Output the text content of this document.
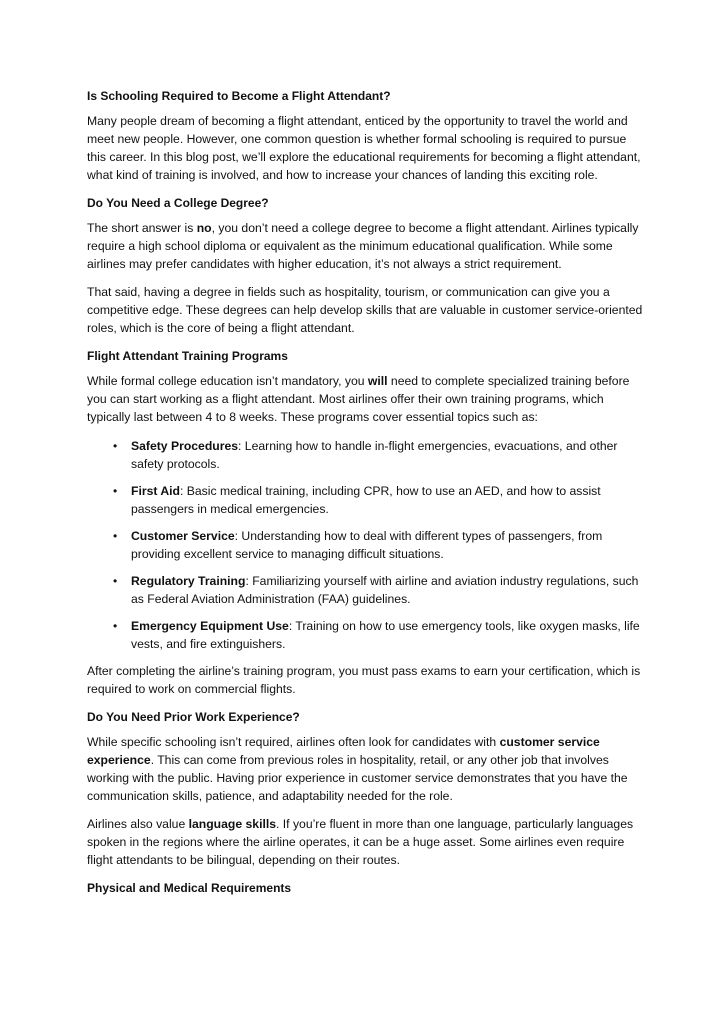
Is Schooling Required to Become a Flight Attendant?

Many people dream of becoming a flight attendant, enticed by the opportunity to travel the world and meet new people. However, one common question is whether formal schooling is required to pursue this career. In this blog post, we’ll explore the educational requirements for becoming a flight attendant, what kind of training is involved, and how to increase your chances of landing this exciting role.

Do You Need a College Degree?

The short answer is no, you don’t need a college degree to become a flight attendant. Airlines typically require a high school diploma or equivalent as the minimum educational qualification. While some airlines may prefer candidates with higher education, it’s not always a strict requirement.

That said, having a degree in fields such as hospitality, tourism, or communication can give you a competitive edge. These degrees can help develop skills that are valuable in customer service-oriented roles, which is the core of being a flight attendant.

Flight Attendant Training Programs

While formal college education isn’t mandatory, you will need to complete specialized training before you can start working as a flight attendant. Most airlines offer their own training programs, which typically last between 4 to 8 weeks. These programs cover essential topics such as:

• Safety Procedures: Learning how to handle in-flight emergencies, evacuations, and other safety protocols.
• First Aid: Basic medical training, including CPR, how to use an AED, and how to assist passengers in medical emergencies.
• Customer Service: Understanding how to deal with different types of passengers, from providing excellent service to managing difficult situations.
• Regulatory Training: Familiarizing yourself with airline and aviation industry regulations, such as Federal Aviation Administration (FAA) guidelines.
• Emergency Equipment Use: Training on how to use emergency tools, like oxygen masks, life vests, and fire extinguishers.

After completing the airline’s training program, you must pass exams to earn your certification, which is required to work on commercial flights.

Do You Need Prior Work Experience?

While specific schooling isn’t required, airlines often look for candidates with customer service experience. This can come from previous roles in hospitality, retail, or any other job that involves working with the public. Having prior experience in customer service demonstrates that you have the communication skills, patience, and adaptability needed for the role.

Airlines also value language skills. If you’re fluent in more than one language, particularly languages spoken in the regions where the airline operates, it can be a huge asset. Some airlines even require flight attendants to be bilingual, depending on their routes.

Physical and Medical Requirements
